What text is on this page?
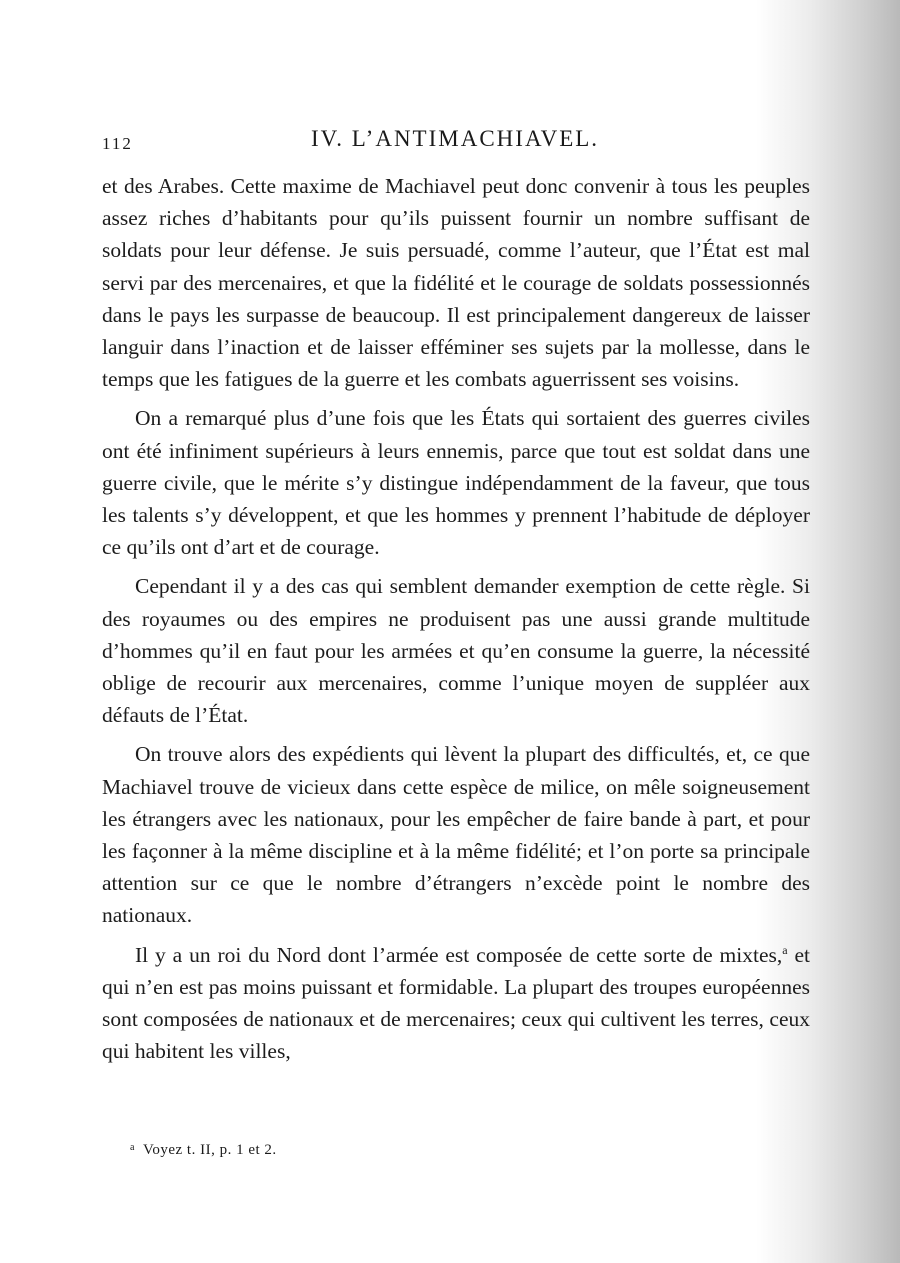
112	IV. L’ANTIMACHIAVEL.

et des Arabes. Cette maxime de Machiavel peut donc convenir à tous les peuples assez riches d’habitants pour qu’ils puissent fournir un nombre suffisant de soldats pour leur défense. Je suis persuadé, comme l’auteur, que l’État est mal servi par des mercenaires, et que la fidélité et le courage de soldats possessionnés dans le pays les surpasse de beaucoup. Il est principalement dangereux de laisser languir dans l’inaction et de laisser efféminer ses sujets par la mollesse, dans le temps que les fatigues de la guerre et les combats aguerrissent ses voisins.

On a remarqué plus d’une fois que les États qui sortaient des guerres civiles ont été infiniment supérieurs à leurs ennemis, parce que tout est soldat dans une guerre civile, que le mérite s’y distingue indépendamment de la faveur, que tous les talents s’y développent, et que les hommes y prennent l’habitude de déployer ce qu’ils ont d’art et de courage.

Cependant il y a des cas qui semblent demander exemption de cette règle. Si des royaumes ou des empires ne produisent pas une aussi grande multitude d’hommes qu’il en faut pour les armées et qu’en consume la guerre, la nécessité oblige de recourir aux mercenaires, comme l’unique moyen de suppléer aux défauts de l’État.

On trouve alors des expédients qui lèvent la plupart des difficultés, et, ce que Machiavel trouve de vicieux dans cette espèce de milice, on mêle soigneusement les étrangers avec les nationaux, pour les empêcher de faire bande à part, et pour les façonner à la même discipline et à la même fidélité; et l’on porte sa principale attention sur ce que le nombre d’étrangers n’excède point le nombre des nationaux.

Il y a un roi du Nord dont l’armée est composée de cette sorte de mixtes,$^a$ et qui n’en est pas moins puissant et formidable. La plupart des troupes européennes sont composées de nationaux et de mercenaires; ceux qui cultivent les terres, ceux qui habitent les villes,

$^a$ Voyez t. II, p. 1 et 2.
